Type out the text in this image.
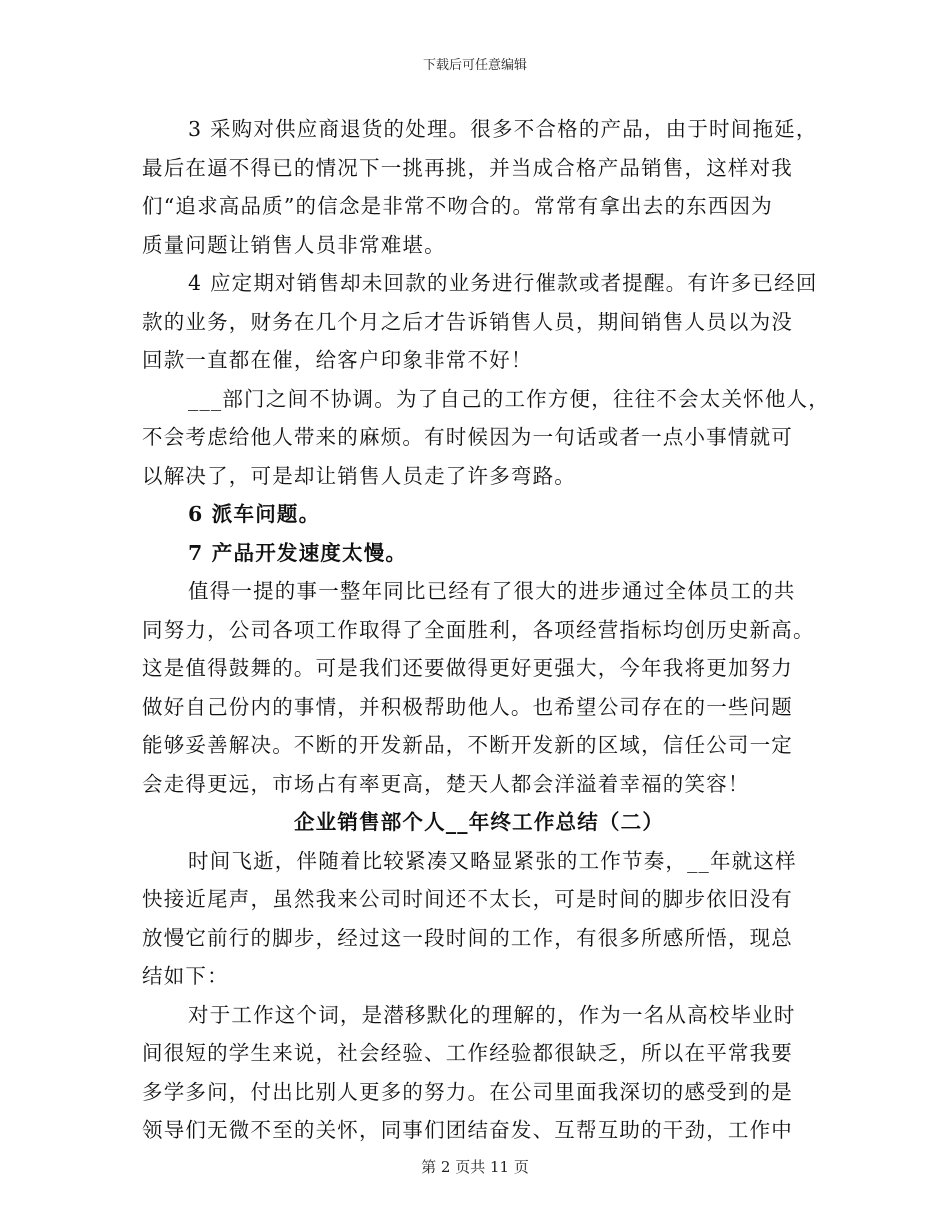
下载后可任意编辑
3 采购对供应商退货的处理。很多不合格的产品，由于时间拖延，
最后在逼不得已的情况下一挑再挑，并当成合格产品销售，这样对我
们“追求高品质”的信念是非常不吻合的。常常有拿出去的东西因为
质量问题让销售人员非常难堪。
4 应定期对销售却未回款的业务进行催款或者提醒。有许多已经回
款的业务，财务在几个月之后才告诉销售人员，期间销售人员以为没
回款一直都在催，给客户印象非常不好！
___部门之间不协调。为了自己的工作方便，往往不会太关怀他人，
不会考虑给他人带来的麻烦。有时候因为一句话或者一点小事情就可
以解决了，可是却让销售人员走了许多弯路。
6 派车问题。
7 产品开发速度太慢。
值得一提的事一整年同比已经有了很大的进步通过全体员工的共
同努力，公司各项工作取得了全面胜利，各项经营指标均创历史新高。
这是值得鼓舞的。可是我们还要做得更好更强大，今年我将更加努力
做好自己份内的事情，并积极帮助他人。也希望公司存在的一些问题
能够妥善解决。不断的开发新品，不断开发新的区域，信任公司一定
会走得更远，市场占有率更高，楚天人都会洋溢着幸福的笑容！
企业销售部个人__年终工作总结（二）
时间飞逝，伴随着比较紧凑又略显紧张的工作节奏，__年就这样
快接近尾声，虽然我来公司时间还不太长，可是时间的脚步依旧没有
放慢它前行的脚步，经过这一段时间的工作，有很多所感所悟，现总
结如下：
对于工作这个词，是潜移默化的理解的，作为一名从高校毕业时
间很短的学生来说，社会经验、工作经验都很缺乏，所以在平常我要
多学多问，付出比别人更多的努力。在公司里面我深切的感受到的是
领导们无微不至的关怀，同事们团结奋发、互帮互助的干劲，工作中
第 2 页共 11 页
